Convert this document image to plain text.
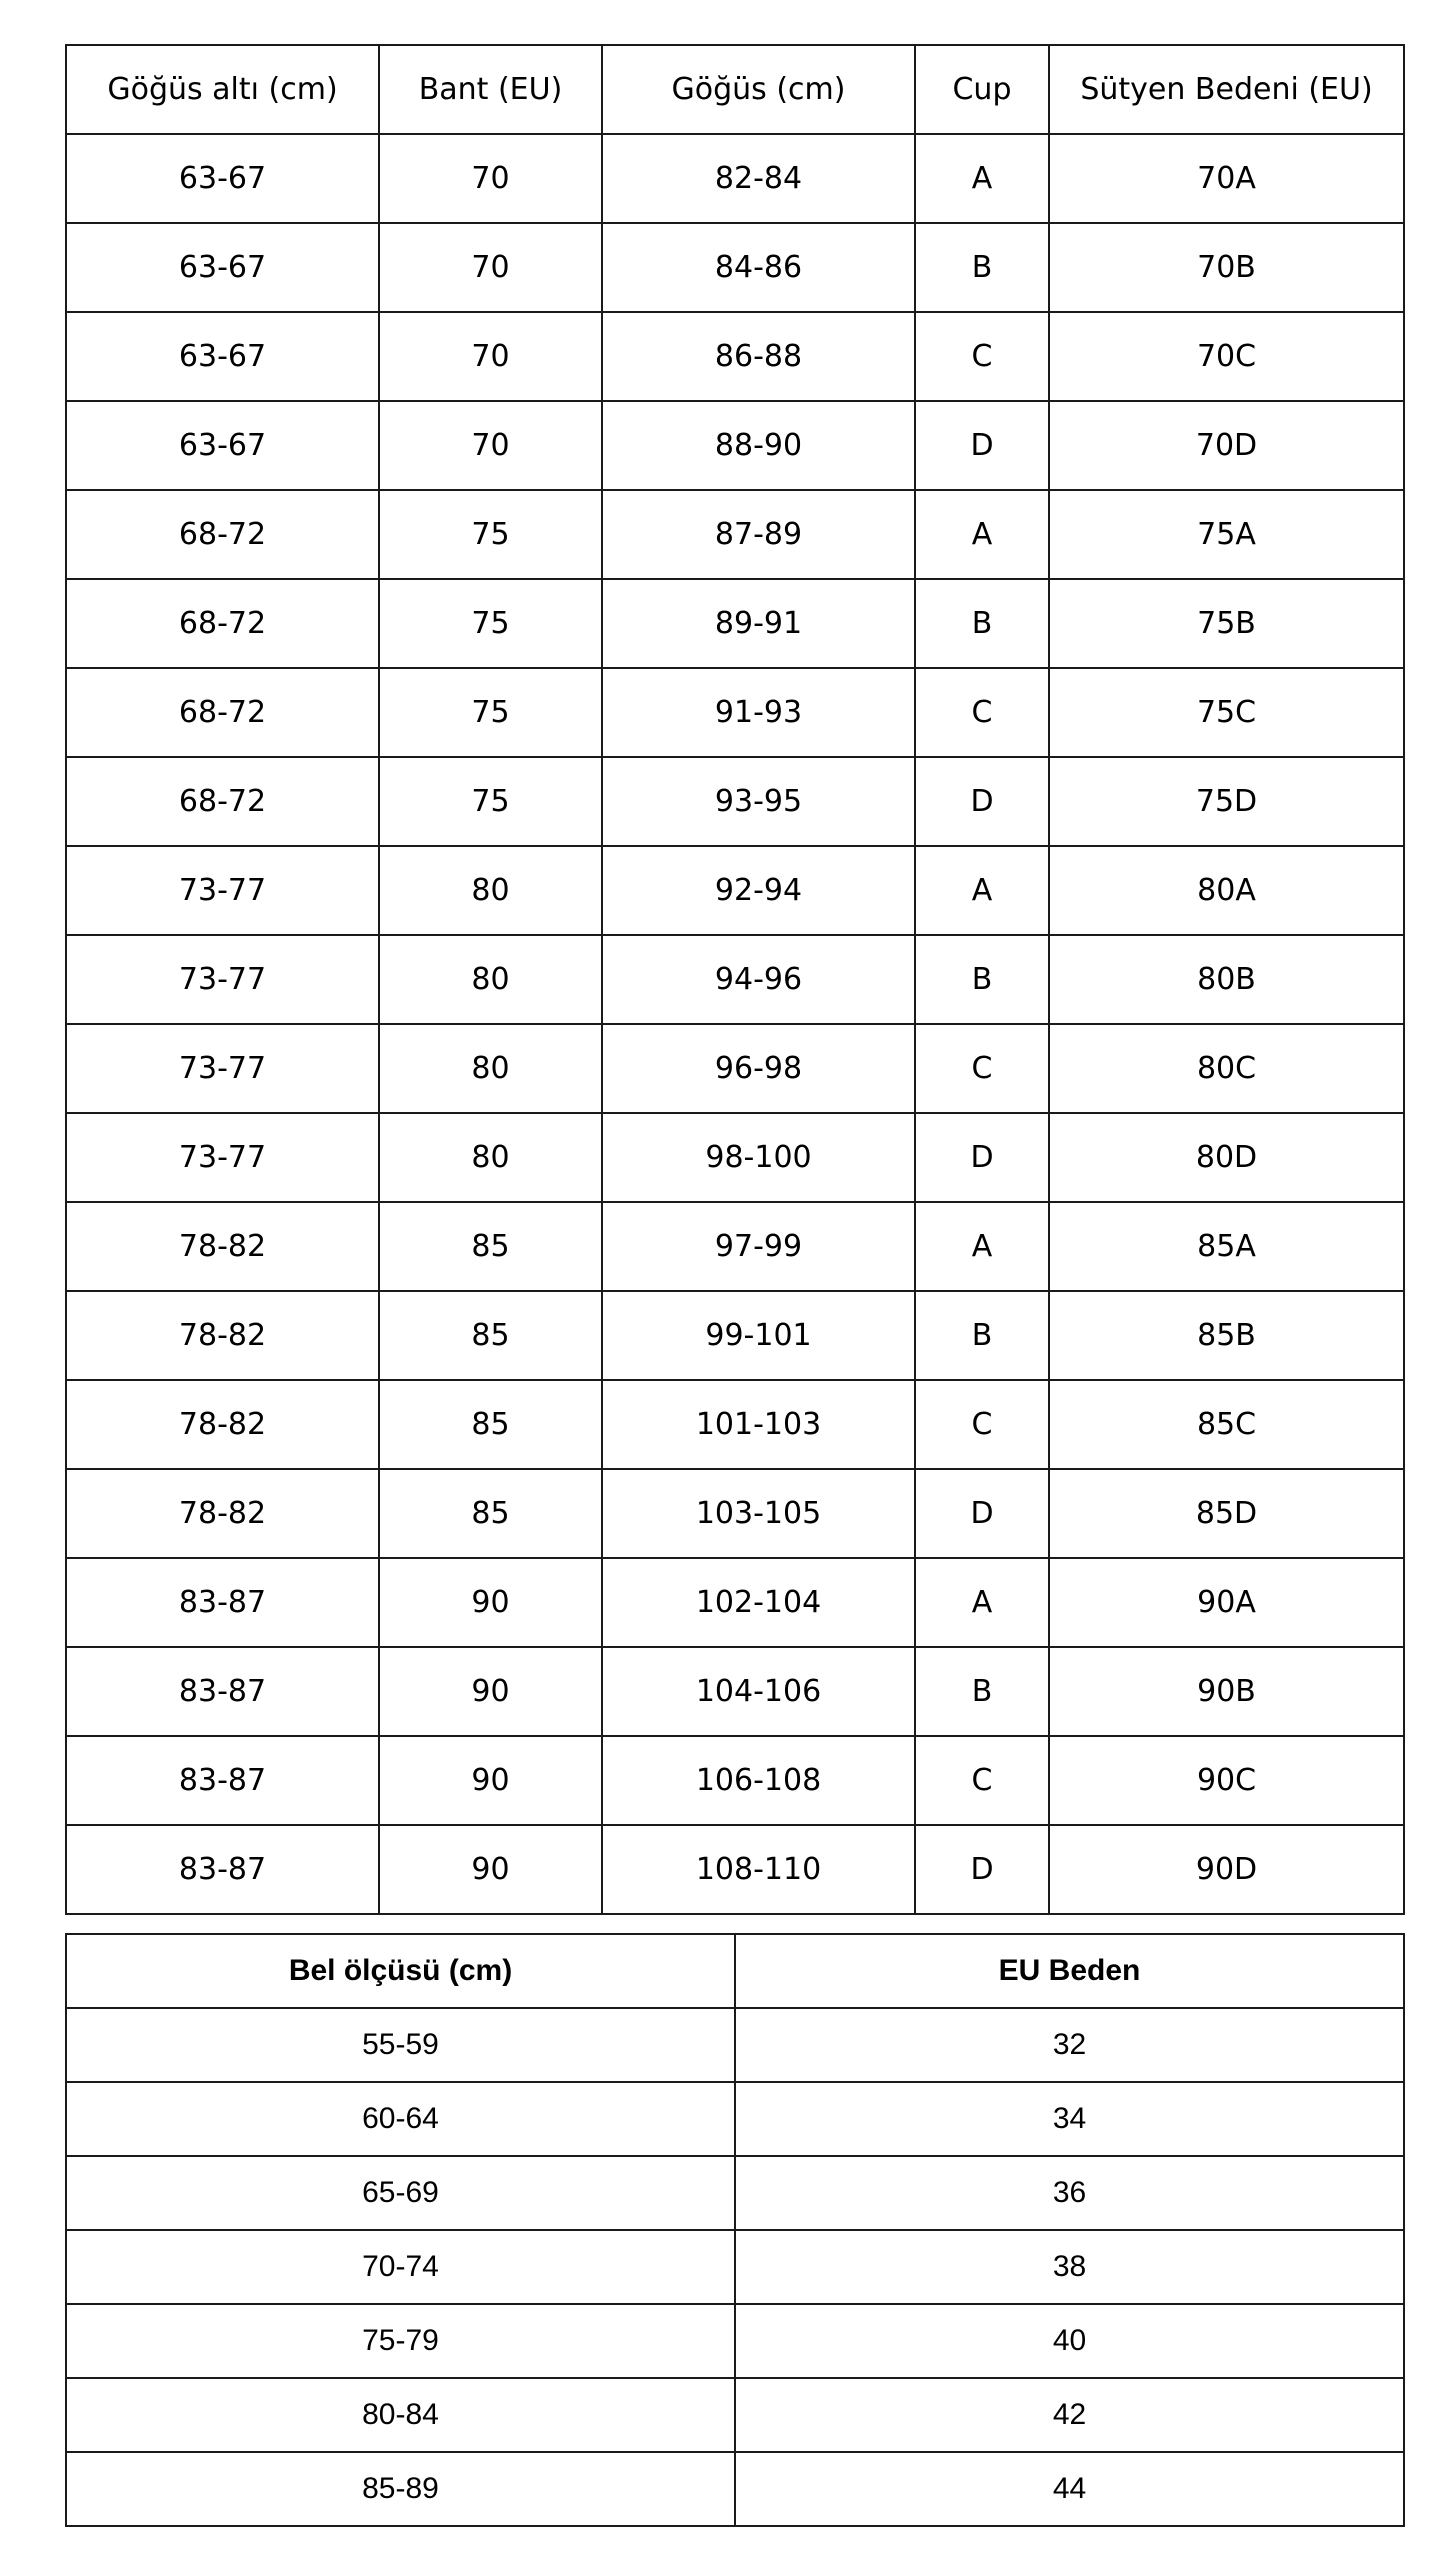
Göğüs altı (cm)	Bant (EU)	Göğüs (cm)	Cup	Sütyen Bedeni (EU)
63-67	70	82-84	A	70A
63-67	70	84-86	B	70B
63-67	70	86-88	C	70C
63-67	70	88-90	D	70D
68-72	75	87-89	A	75A
68-72	75	89-91	B	75B
68-72	75	91-93	C	75C
68-72	75	93-95	D	75D
73-77	80	92-94	A	80A
73-77	80	94-96	B	80B
73-77	80	96-98	C	80C
73-77	80	98-100	D	80D
78-82	85	97-99	A	85A
78-82	85	99-101	B	85B
78-82	85	101-103	C	85C
78-82	85	103-105	D	85D
83-87	90	102-104	A	90A
83-87	90	104-106	B	90B
83-87	90	106-108	C	90C
83-87	90	108-110	D	90D
Bel ölçüsü (cm)	EU Beden
55-59	32
60-64	34
65-69	36
70-74	38
75-79	40
80-84	42
85-89	44
